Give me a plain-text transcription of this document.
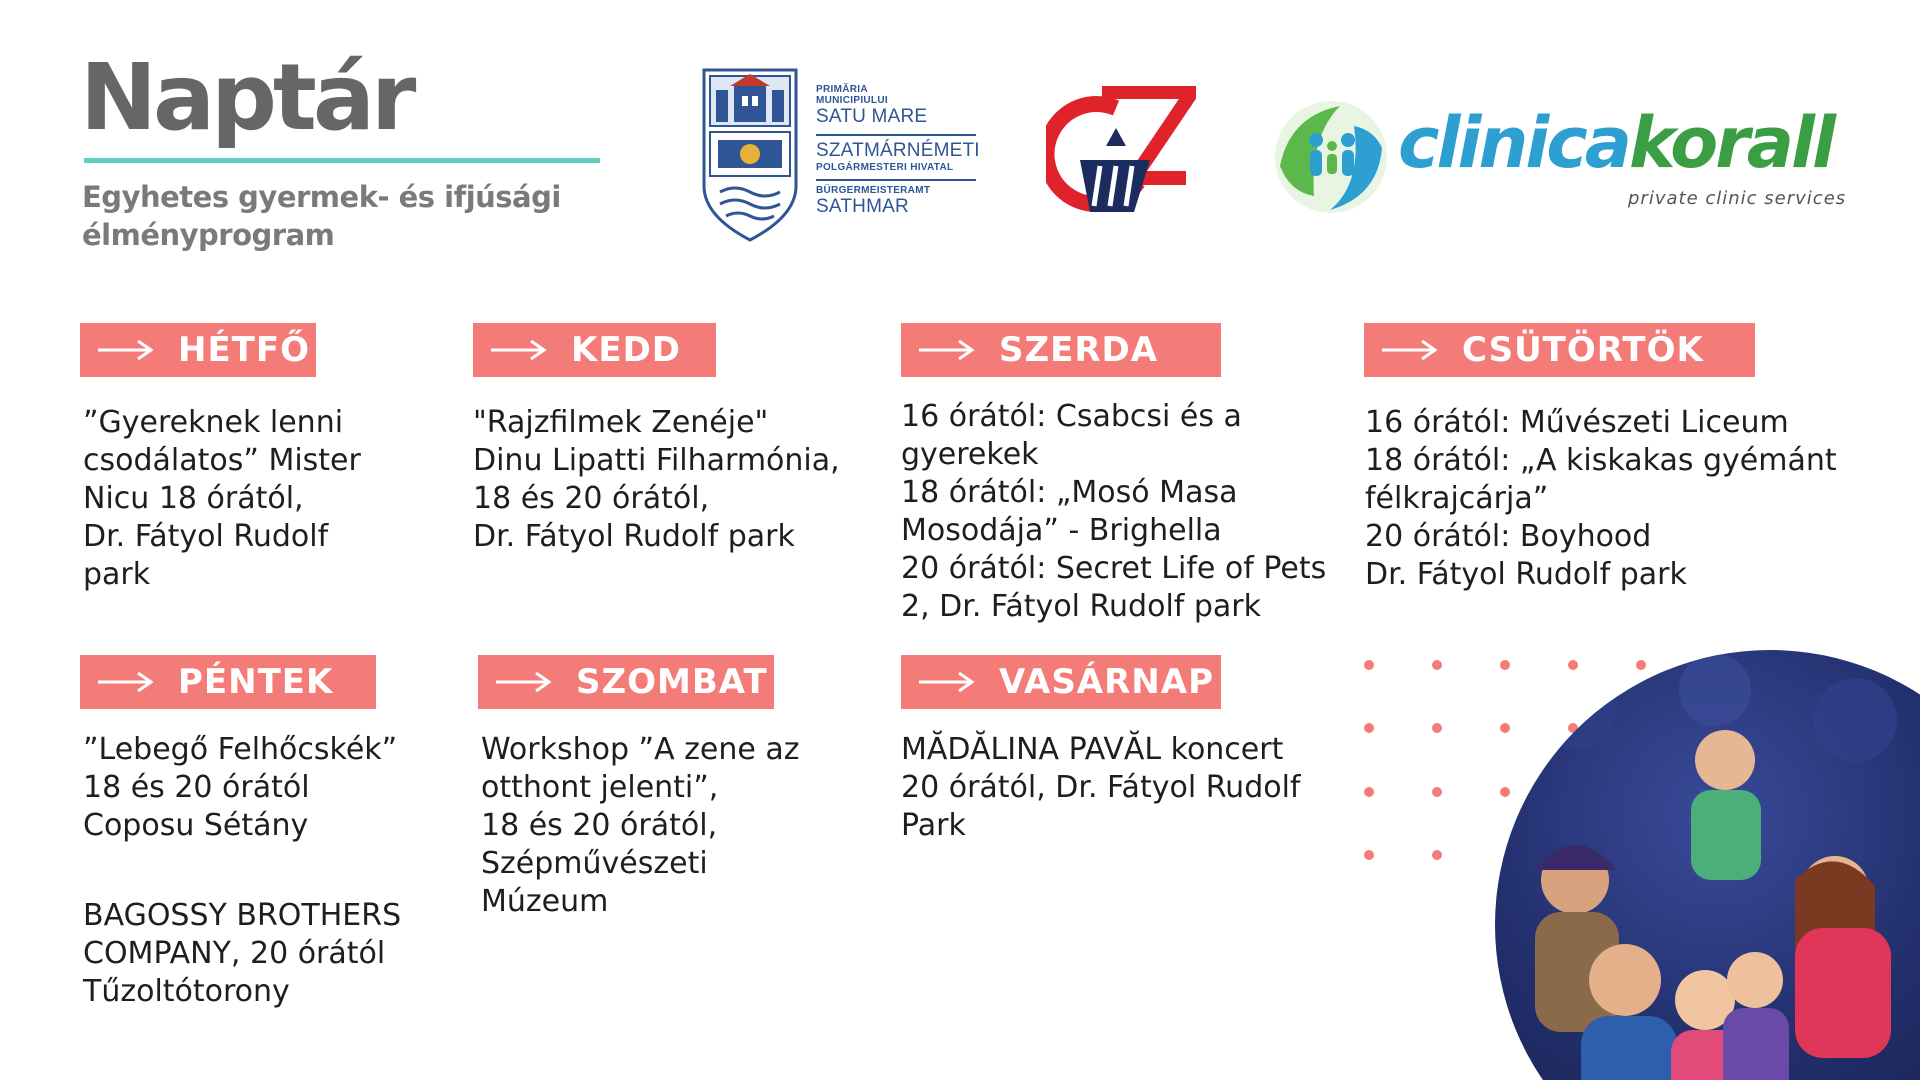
Naptár
Egyhetes gyermek- és ifjúsági élményprogram
PRIMĂRIA
MUNICIPIULUI
SATU MARE
SZATMÁRNÉMETI
POLGÁRMESTERI HIVATAL
BÜRGERMEISTERAMT
SATHMAR
clinicakorall
private clinic services
HÉTFŐ	KEDD	SZERDA	CSÜTÖRTÖK
PÉNTEK	SZOMBAT	VASÁRNAP

”Gyereknek lenni
csodálatos” Mister
Nicu 18 órától,
Dr. Fátyol Rudolf
park

"Rajzfilmek Zenéje"
Dinu Lipatti Filharmónia,
18 és 20 órától,
Dr. Fátyol Rudolf park

16 órától: Csabcsi és a
gyerekek
18 órától: „Mosó Masa
Mosodája” - Brighella
20 órától: Secret Life of Pets
2, Dr. Fátyol Rudolf park

16 órától: Művészeti Liceum
18 órától: „A kiskakas gyémánt
félkrajcárja”
20 órától: Boyhood
Dr. Fátyol Rudolf park

”Lebegő Felhőcskék”
18 és 20 órától
Coposu Sétány

BAGOSSY BROTHERS
COMPANY, 20 órától
Tűzoltótorony

Workshop ”A zene az
otthont jelenti”,
18 és 20 órától,
Szépművészeti
Múzeum

MĂDĂLINA PAVĂL koncert
20 órától, Dr. Fátyol Rudolf
Park
